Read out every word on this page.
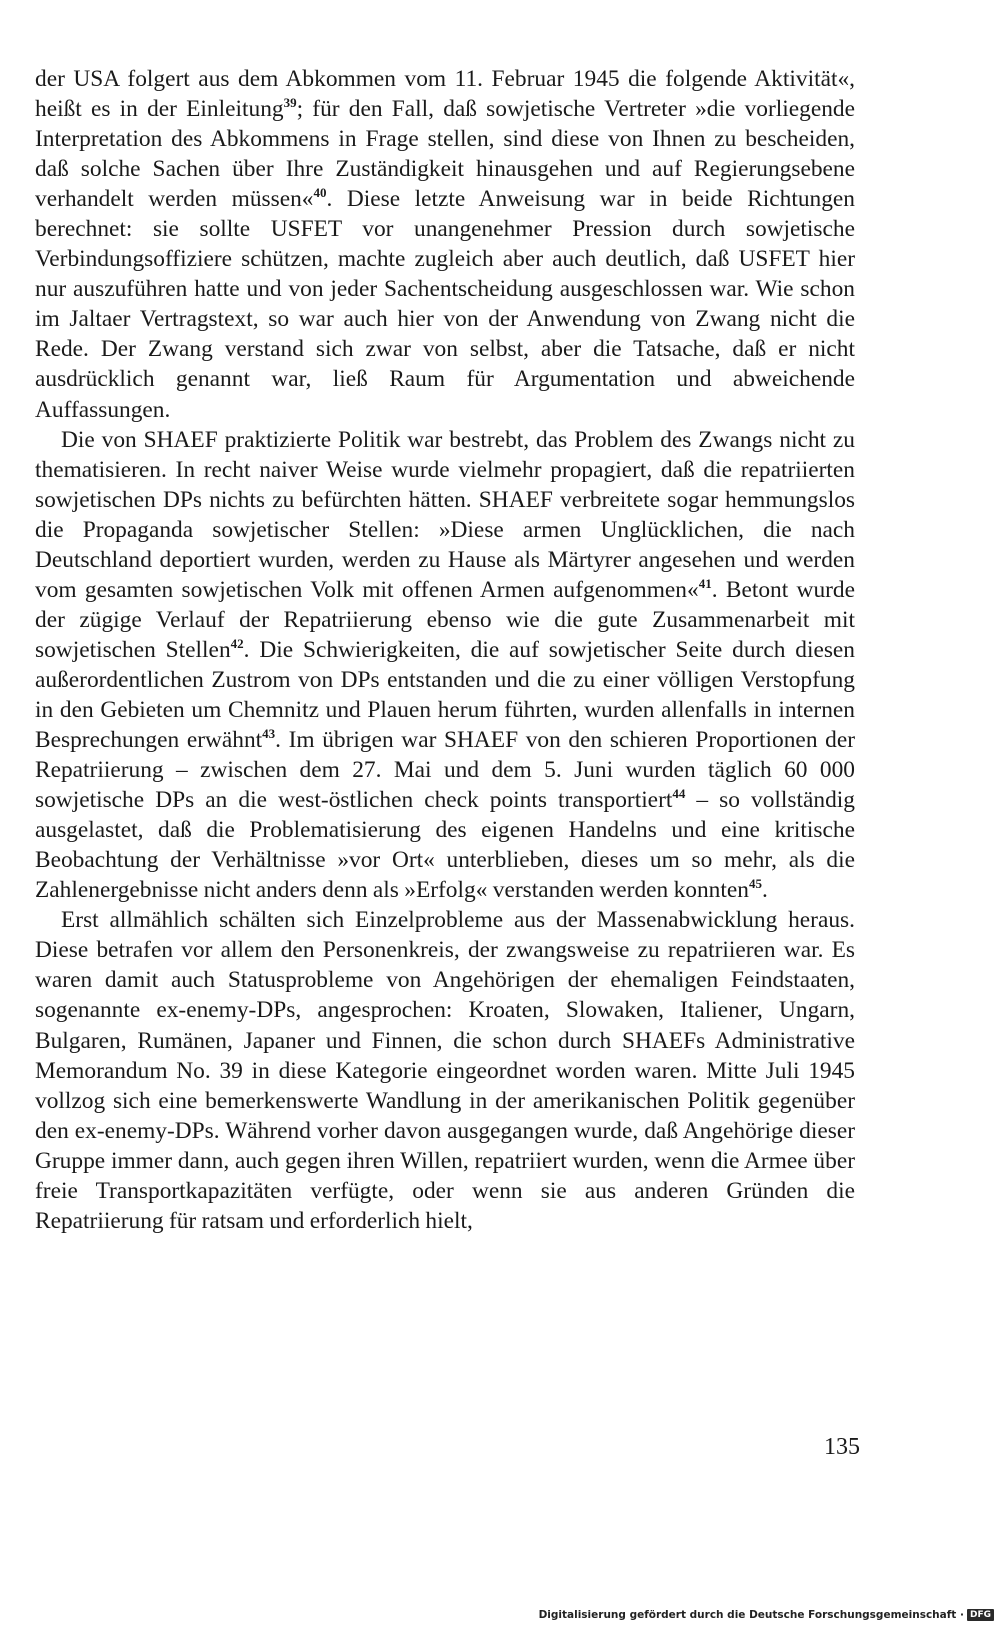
der USA folgert aus dem Abkommen vom 11. Februar 1945 die folgende Aktivität«, heißt es in der Einleitung$^{39}$; für den Fall, daß sowjetische Vertreter »die vorliegende Interpretation des Abkommens in Frage stellen, sind diese von Ihnen zu bescheiden, daß solche Sachen über Ihre Zuständigkeit hinausgehen und auf Regierungsebene verhandelt werden müssen«$^{40}$. Diese letzte Anweisung war in beide Richtungen berechnet: sie sollte USFET vor unangenehmer Pression durch sowjetische Verbindungsoffiziere schützen, machte zugleich aber auch deutlich, daß USFET hier nur auszuführen hatte und von jeder Sachentscheidung ausgeschlossen war. Wie schon im Jaltaer Vertragstext, so war auch hier von der Anwendung von Zwang nicht die Rede. Der Zwang verstand sich zwar von selbst, aber die Tatsache, daß er nicht ausdrücklich genannt war, ließ Raum für Argumentation und abweichende Auffassungen.

Die von SHAEF praktizierte Politik war bestrebt, das Problem des Zwangs nicht zu thematisieren. In recht naiver Weise wurde vielmehr propagiert, daß die repatriierten sowjetischen DPs nichts zu befürchten hätten. SHAEF verbreitete sogar hemmungslos die Propaganda sowjetischer Stellen: »Diese armen Unglücklichen, die nach Deutschland deportiert wurden, werden zu Hause als Märtyrer angesehen und werden vom gesamten sowjetischen Volk mit offenen Armen aufgenommen«$^{41}$. Betont wurde der zügige Verlauf der Repatriierung ebenso wie die gute Zusammenarbeit mit sowjetischen Stellen$^{42}$. Die Schwierigkeiten, die auf sowjetischer Seite durch diesen außerordentlichen Zustrom von DPs entstanden und die zu einer völligen Verstopfung in den Gebieten um Chemnitz und Plauen herum führten, wurden allenfalls in internen Besprechungen erwähnt$^{43}$. Im übrigen war SHAEF von den schieren Proportionen der Repatriierung – zwischen dem 27. Mai und dem 5. Juni wurden täglich 60 000 sowjetische DPs an die west-östlichen check points transportiert$^{44}$ – so vollständig ausgelastet, daß die Problematisierung des eigenen Handelns und eine kritische Beobachtung der Verhältnisse »vor Ort« unterblieben, dieses um so mehr, als die Zahlenergebnisse nicht anders denn als »Erfolg« verstanden werden konnten$^{45}$.

Erst allmählich schälten sich Einzelprobleme aus der Massenabwicklung heraus. Diese betrafen vor allem den Personenkreis, der zwangsweise zu repatriieren war. Es waren damit auch Statusprobleme von Angehörigen der ehemaligen Feindstaaten, sogenannte ex-enemy-DPs, angesprochen: Kroaten, Slowaken, Italiener, Ungarn, Bulgaren, Rumänen, Japaner und Finnen, die schon durch SHAEFs Administrative Memorandum No. 39 in diese Kategorie eingeordnet worden waren. Mitte Juli 1945 vollzog sich eine bemerkenswerte Wandlung in der amerikanischen Politik gegenüber den ex-enemy-DPs. Während vorher davon ausgegangen wurde, daß Angehörige dieser Gruppe immer dann, auch gegen ihren Willen, repatriiert wurden, wenn die Armee über freie Transportkapazitäten verfügte, oder wenn sie aus anderen Gründen die Repatriierung für ratsam und erforderlich hielt,

135
Digitalisierung gefördert durch die Deutsche Forschungsgemeinschaft · DFG
